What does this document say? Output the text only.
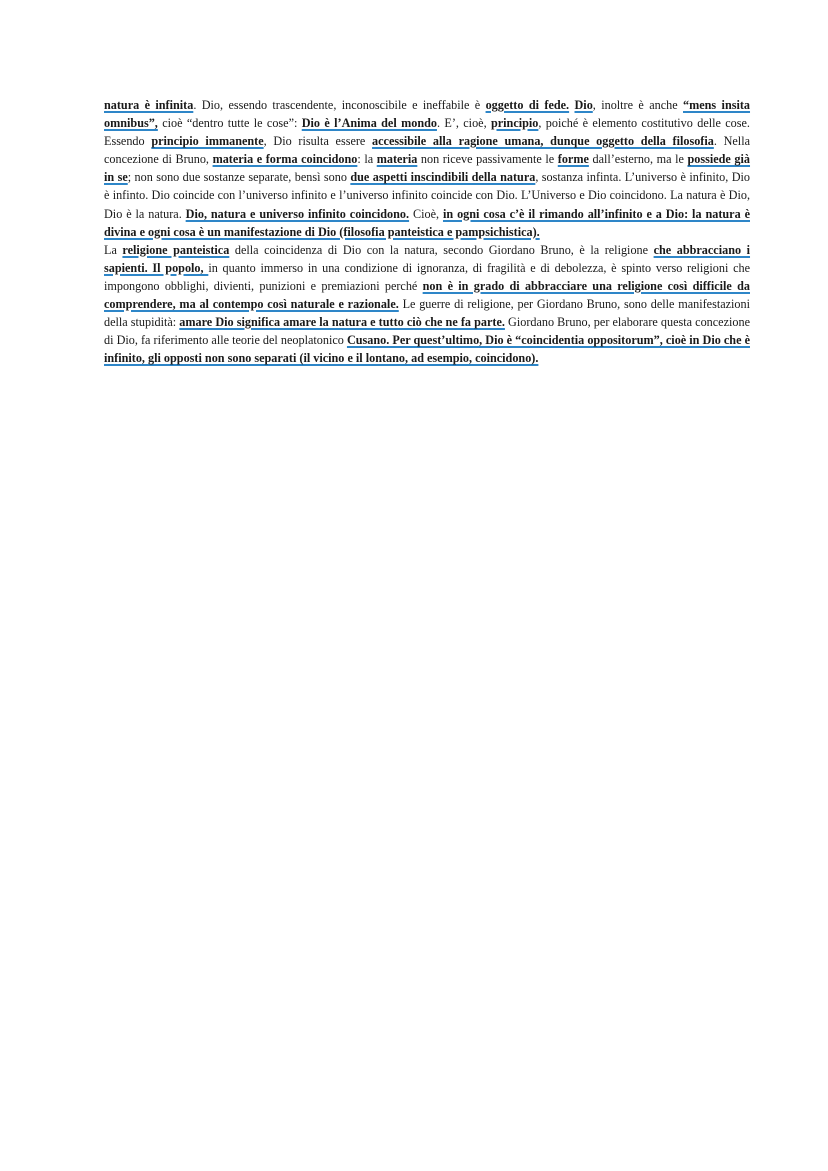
natura è infinita. Dio, essendo trascendente, inconoscibile e ineffabile è oggetto di fede. Dio, inoltre è anche “mens insita omnibus”, cioè “dentro tutte le cose”: Dio è l’Anima del mondo. E’, cioè, principio, poiché è elemento costitutivo delle cose. Essendo principio immanente, Dio risulta essere accessibile alla ragione umana, dunque oggetto della filosofia. Nella concezione di Bruno, materia e forma coincidono: la materia non riceve passivamente le forme dall’esterno, ma le possiede già in se; non sono due sostanze separate, bensì sono due aspetti inscindibili della natura, sostanza infinta. L’universo è infinito, Dio è infinto. Dio coincide con l’universo infinito e l’universo infinito coincide con Dio. L’Universo e Dio coincidono. La natura è Dio, Dio è la natura. Dio, natura e universo infinito coincidono. Cioè, in ogni cosa c’è il rimando all’infinito e a Dio: la natura è divina e ogni cosa è un manifestazione di Dio (filosofia panteistica e pampsichistica).

La religione panteistica della coincidenza di Dio con la natura, secondo Giordano Bruno, è la religione che abbracciano i sapienti. Il popolo, in quanto immerso in una condizione di ignoranza, di fragilità e di debolezza, è spinto verso religioni che impongono obblighi, divienti, punizioni e premiazioni perché non è in grado di abbracciare una religione così difficile da comprendere, ma al contempo così naturale e razionale. Le guerre di religione, per Giordano Bruno, sono delle manifestazioni della stupidità: amare Dio significa amare la natura e tutto ciò che ne fa parte. Giordano Bruno, per elaborare questa concezione di Dio, fa riferimento alle teorie del neoplatonico Cusano. Per quest’ultimo, Dio è “coincidentia oppositorum”, cioè in Dio che è infinito, gli opposti non sono separati (il vicino e il lontano, ad esempio, coincidono).
